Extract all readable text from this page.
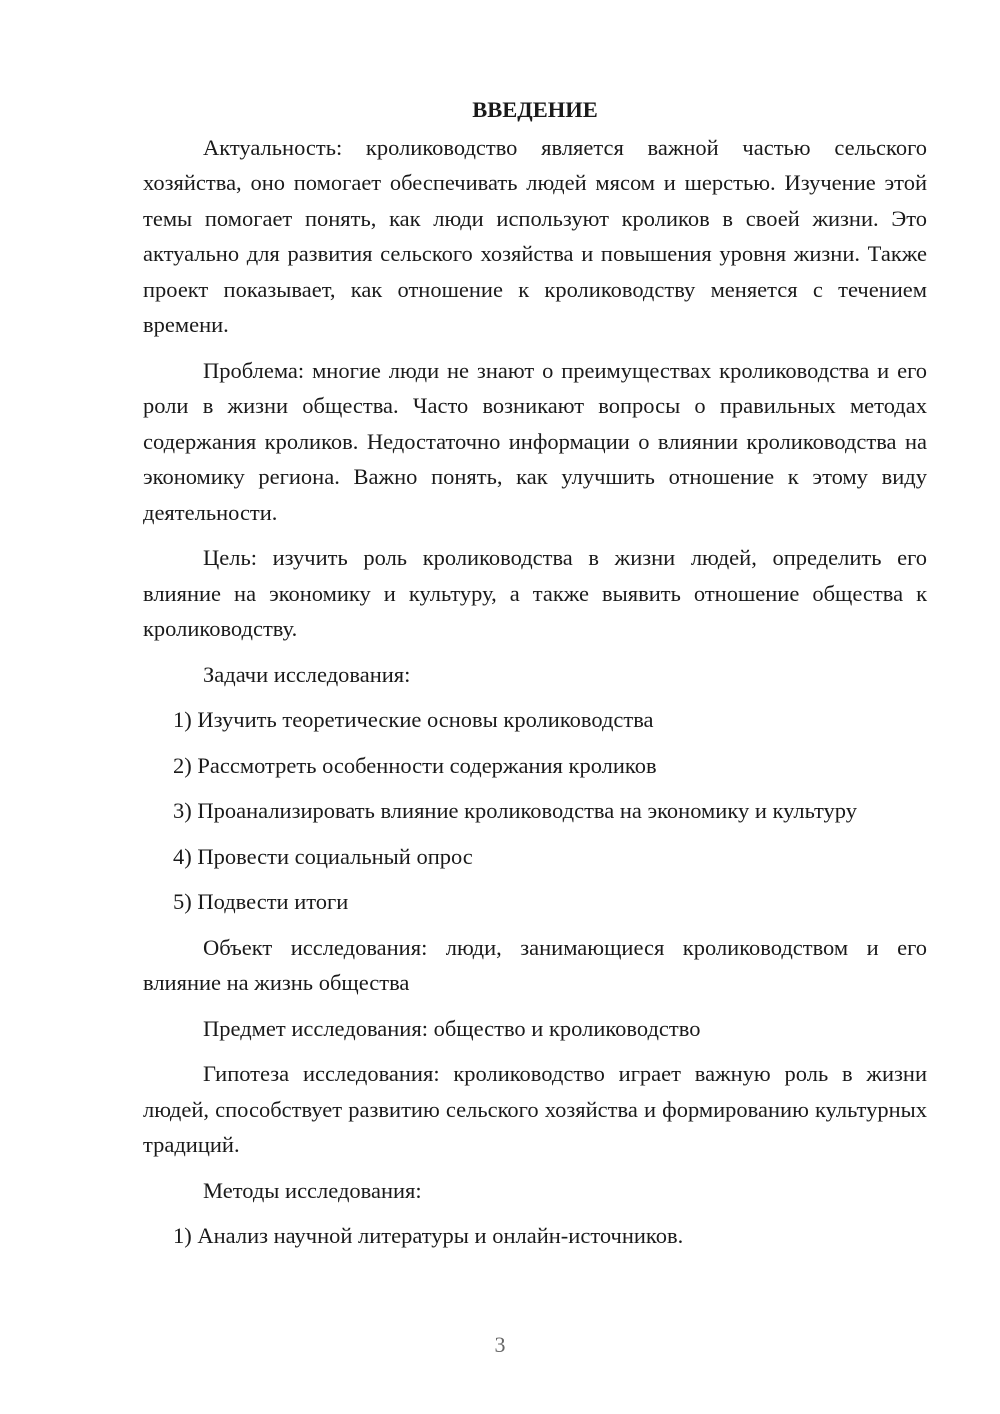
ВВЕДЕНИЕ

Актуальность: кролиководство является важной частью сельского хозяйства, оно помогает обеспечивать людей мясом и шерстью. Изучение этой темы помогает понять, как люди используют кроликов в своей жизни. Это актуально для развития сельского хозяйства и повышения уровня жизни. Также проект показывает, как отношение к кролиководству меняется с течением времени.

Проблема: многие люди не знают о преимуществах кролиководства и его роли в жизни общества. Часто возникают вопросы о правильных методах содержания кроликов. Недостаточно информации о влиянии кролиководства на экономику региона. Важно понять, как улучшить отношение к этому виду деятельности.

Цель: изучить роль кролиководства в жизни людей, определить его влияние на экономику и культуру, а также выявить отношение общества к кролиководству.

Задачи исследования:

1) Изучить теоретические основы кролиководства

2) Рассмотреть особенности содержания кроликов

3) Проанализировать влияние кролиководства на экономику и культуру

4) Провести социальный опрос

5) Подвести итоги

Объект исследования: люди, занимающиеся кролиководством и его влияние на жизнь общества

Предмет исследования: общество и кролиководство

Гипотеза исследования: кролиководство играет важную роль в жизни людей, способствует развитию сельского хозяйства и формированию культурных традиций.

Методы исследования:

1) Анализ научной литературы и онлайн-источников.

3
